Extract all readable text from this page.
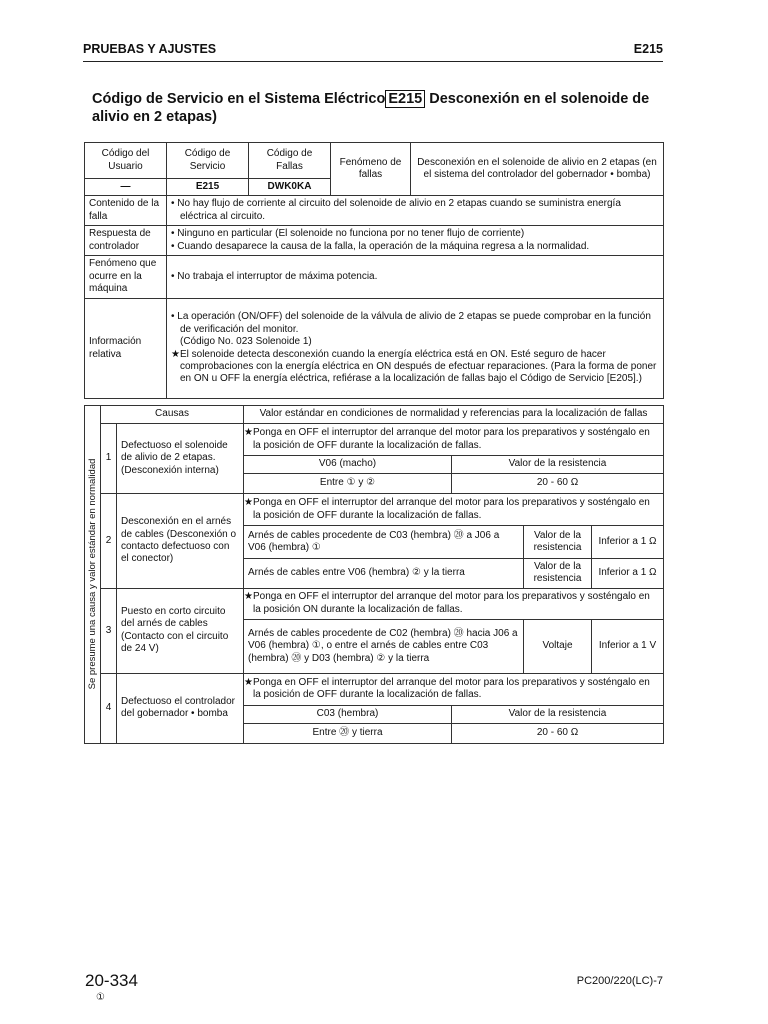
PRUEBAS Y AJUSTES	E215
Código de Servicio en el Sistema Eléctrico E215 Desconexión en el solenoide de
alivio en 2 etapas)
Código del Usuario	Código de Servicio	Código de Fallas	Fenómeno de fallas	Desconexión en el solenoide de alivio en 2 etapas (en el sistema del controlador del gobernador • bomba)
—	E215	DWK0KA		
Contenido de la falla	• No hay flujo de corriente al circuito del solenoide de alivio en 2 etapas cuando se suministra energía eléctrica al circuito.			

Respuesta de controlador	• Ninguno en particular (El solenoide no funciona por no tener flujo de corriente)
• Cuando desaparece la causa de la falla, la operación de la máquina regresa a la normalidad.			

Fenómeno que ocurre en la máquina	• No trabaja el interruptor de máxima potencia.			

Información relativa	• La operación (ON/OFF) del solenoide de la válvula de alivio de 2 etapas se puede comprobar en la función de verificación del monitor.
(Código No. 023 Solenoide 1)
★El solenoide detecta desconexión cuando la energía eléctrica está en ON. Esté seguro de hacer comprobaciones con la energía eléctrica en ON después de efectuar reparaciones. (Para la forma de poner en ON u OFF la energía eléctrica, refiérase a la localización de fallas bajo el Código de Servicio [E205].)			
Se presume una causa y valor estándar en normalidad	Causas		Valor estándar en condiciones de normalidad y referencias para la localización de fallas			
	1	Defectuoso el solenoide de alivio de 2 etapas. (Desconexión interna)	★Ponga en OFF el interruptor del arranque del motor para los preparativos y sosténgalo en la posición de OFF durante la localización de fallas.			
			V06 (macho)	Valor de la resistencia		
			Entre ① y ②	20 - 60 Ω		
	2	Desconexión en el arnés de cables (Desconexión o contacto defectuoso con el conector)	★Ponga en OFF el interruptor del arranque del motor para los preparativos y sosténgalo en la posición de OFF durante la localización de fallas.			
			Arnés de cables procedente de C03 (hembra) ⑳ a J06 a V06 (hembra) ①		Valor de la resistencia	Inferior a 1 Ω
			Arnés de cables entre V06 (hembra) ② y la tierra		Valor de la resistencia	Inferior a 1 Ω
	3	Puesto en corto circuito del arnés de cables (Contacto con el circuito de 24 V)	★Ponga en OFF el interruptor del arranque del motor para los preparativos y sosténgalo en la posición ON durante la localización de fallas.			
			Arnés de cables procedente de C02 (hembra) ⑳ hacia J06 a V06 (hembra) ①, o entre el arnés de cables entre C03 (hembra) ⑳ y D03 (hembra) ② y la tierra		Voltaje	Inferior a 1 V
	4	Defectuoso el controlador del gobernador • bomba	★Ponga en OFF el interruptor del arranque del motor para los preparativos y sosténgalo en la posición de OFF durante la localización de fallas.			
			C03 (hembra)	Valor de la resistencia		
			Entre ⑳ y tierra	20 - 60 Ω		
20-334
①
PC200/220(LC)-7
